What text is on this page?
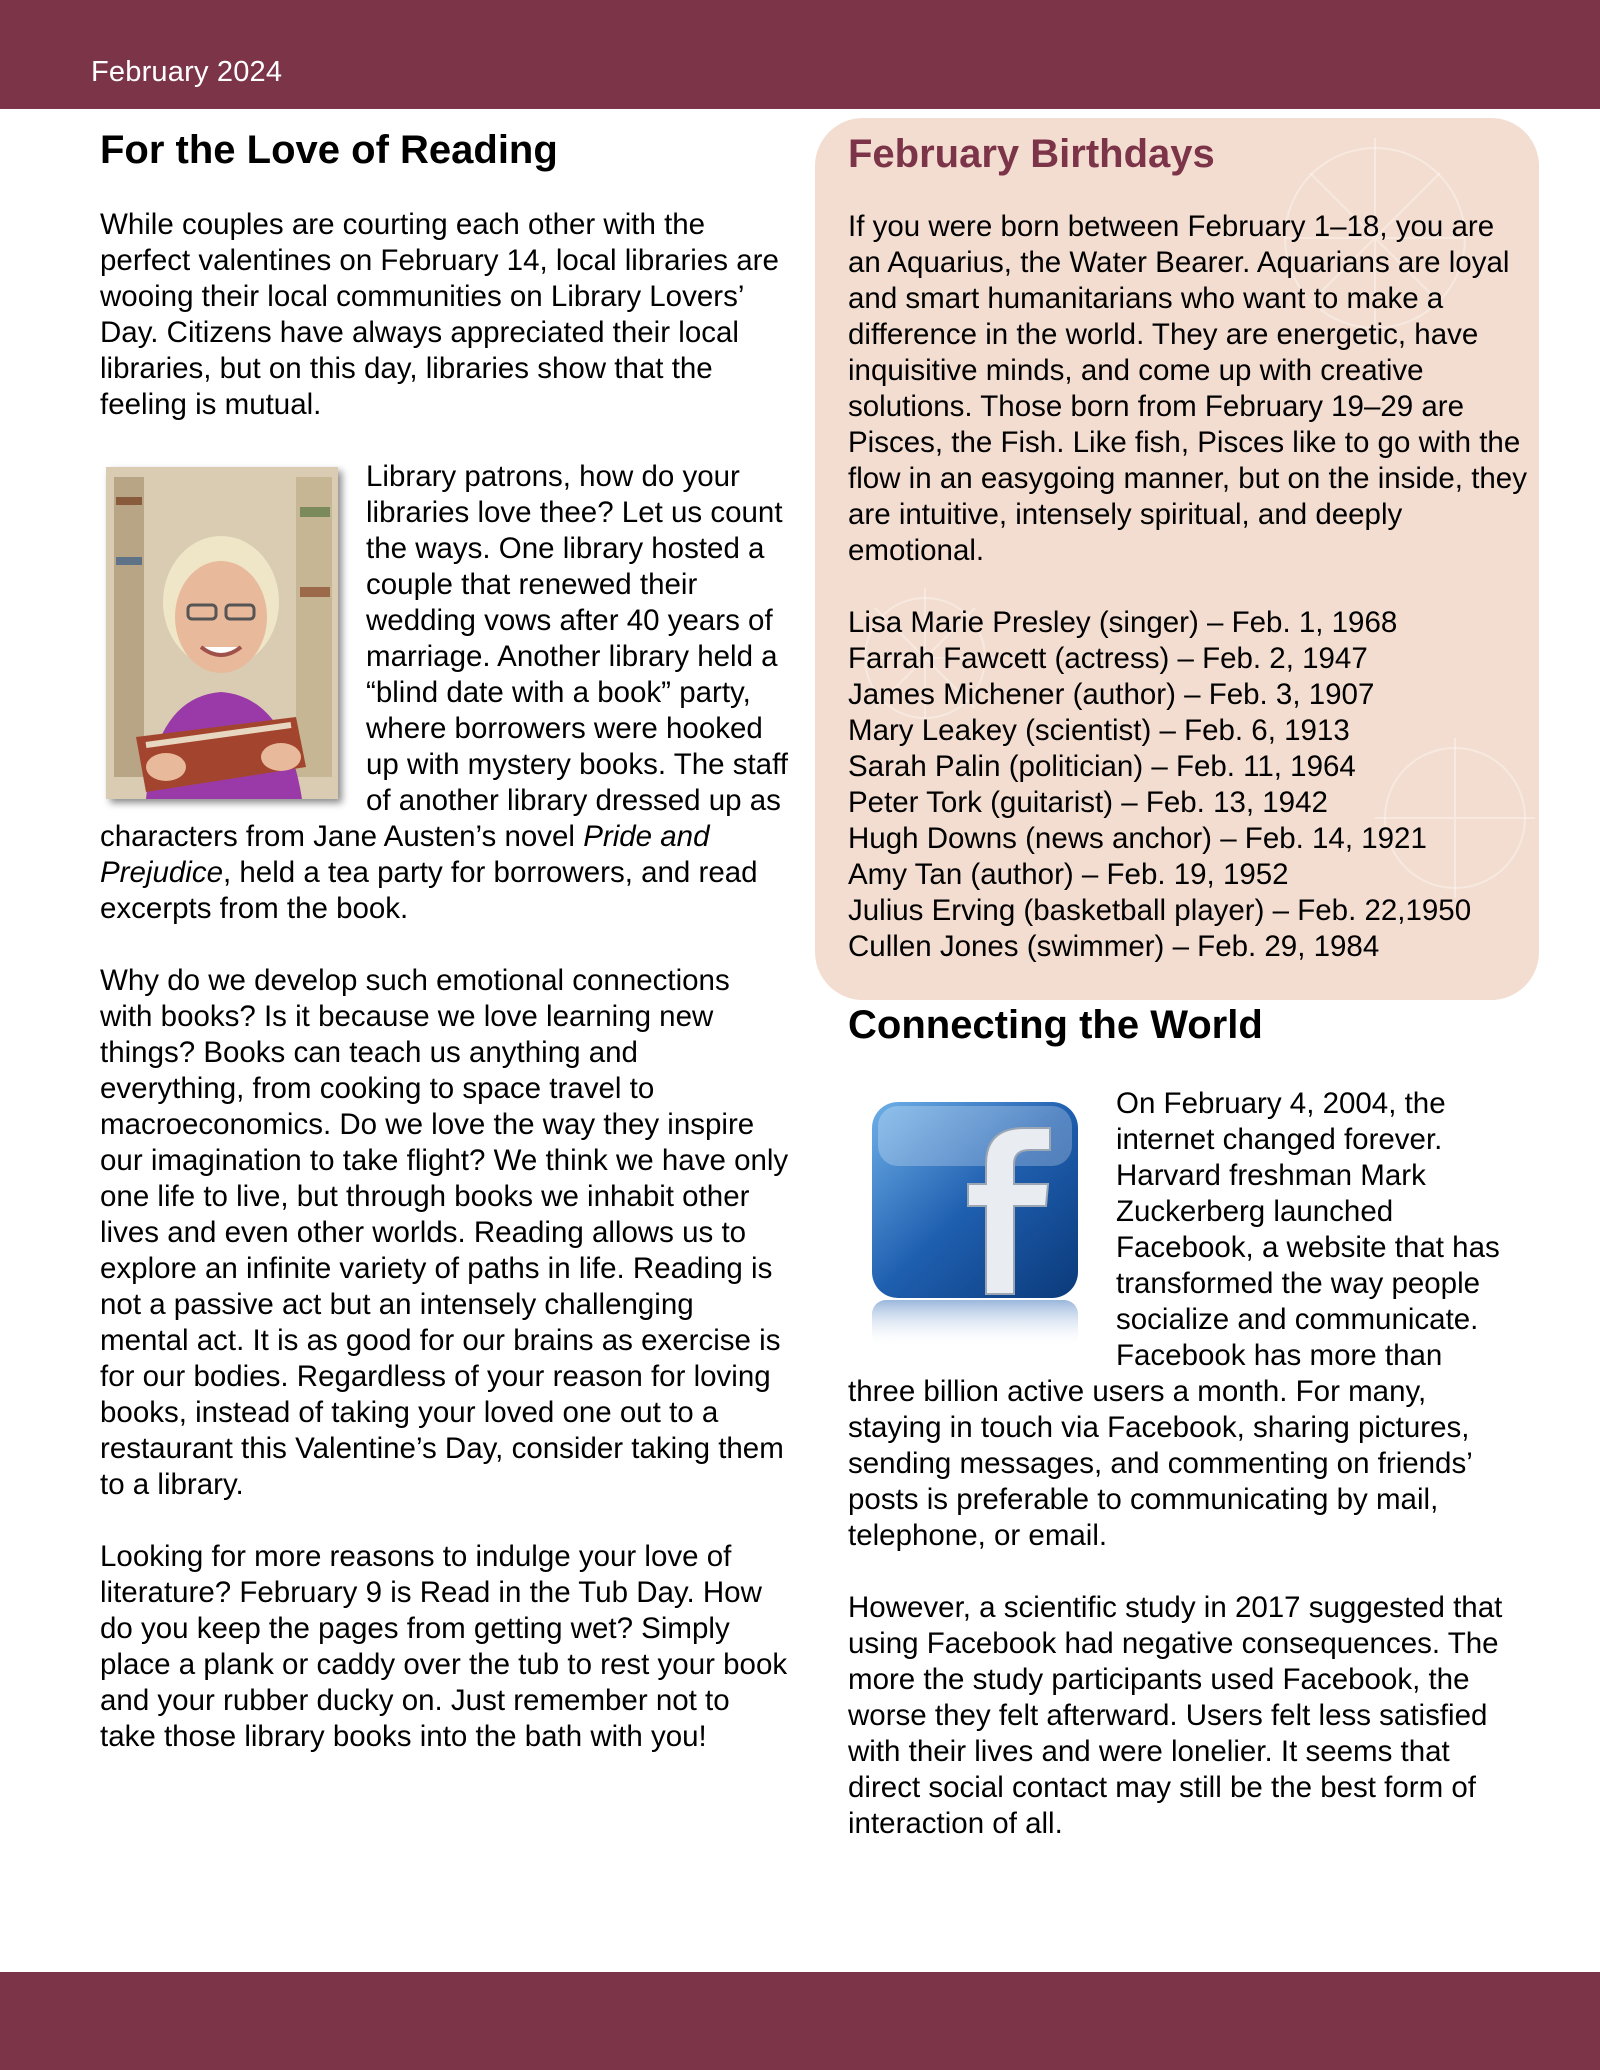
February 2024
For the Love of Reading

While couples are courting each other with the perfect valentines on February 14, local libraries are wooing their local communities on Library Lovers’ Day. Citizens have always appreciated their local libraries, but on this day, libraries show that the feeling is mutual.

Library patrons, how do your libraries love thee? Let us count the ways. One library hosted a couple that renewed their wedding vows after 40 years of marriage. Another library held a “blind date with a book” party, where borrowers were hooked up with mystery books. The staff of another library dressed up as characters from Jane Austen’s novel Pride and Prejudice, held a tea party for borrowers, and read excerpts from the book.

Why do we develop such emotional connections with books? Is it because we love learning new things? Books can teach us anything and everything, from cooking to space travel to macroeconomics. Do we love the way they inspire our imagination to take flight? We think we have only one life to live, but through books we inhabit other lives and even other worlds. Reading allows us to explore an infinite variety of paths in life. Reading is not a passive act but an intensely challenging mental act. It is as good for our brains as exercise is for our bodies. Regardless of your reason for loving books, instead of taking your loved one out to a restaurant this Valentine’s Day, consider taking them to a library.

Looking for more reasons to indulge your love of literature? February 9 is Read in the Tub Day. How do you keep the pages from getting wet? Simply place a plank or caddy over the tub to rest your book and your rubber ducky on. Just remember not to take those library books into the bath with you!

February Birthdays

If you were born between February 1–18, you are an Aquarius, the Water Bearer. Aquarians are loyal and smart humanitarians who want to make a difference in the world. They are energetic, have inquisitive minds, and come up with creative solutions. Those born from February 19–29 are Pisces, the Fish. Like fish, Pisces like to go with the flow in an easygoing manner, but on the inside, they are intuitive, intensely spiritual, and deeply emotional.

Lisa Marie Presley (singer) – Feb. 1, 1968

Farrah Fawcett (actress) – Feb. 2, 1947

James Michener (author) – Feb. 3, 1907

Mary Leakey (scientist) – Feb. 6, 1913

Sarah Palin (politician) – Feb. 11, 1964

Peter Tork (guitarist) – Feb. 13, 1942

Hugh Downs (news anchor) – Feb. 14, 1921

Amy Tan (author) – Feb. 19, 1952

Julius Erving (basketball player) – Feb. 22,1950

Cullen Jones (swimmer) – Feb. 29, 1984

Connecting the World

On February 4, 2004, the internet changed forever. Harvard freshman Mark Zuckerberg launched Facebook, a website that has transformed the way people socialize and communicate. Facebook has more than three billion active users a month. For many, staying in touch via Facebook, sharing pictures, sending messages, and commenting on friends’ posts is preferable to communicating by mail, telephone, or email.

However, a scientific study in 2017 suggested that using Facebook had negative consequences. The more the study participants used Facebook, the worse they felt afterward. Users felt less satisfied with their lives and were lonelier. It seems that direct social contact may still be the best form of interaction of all.
